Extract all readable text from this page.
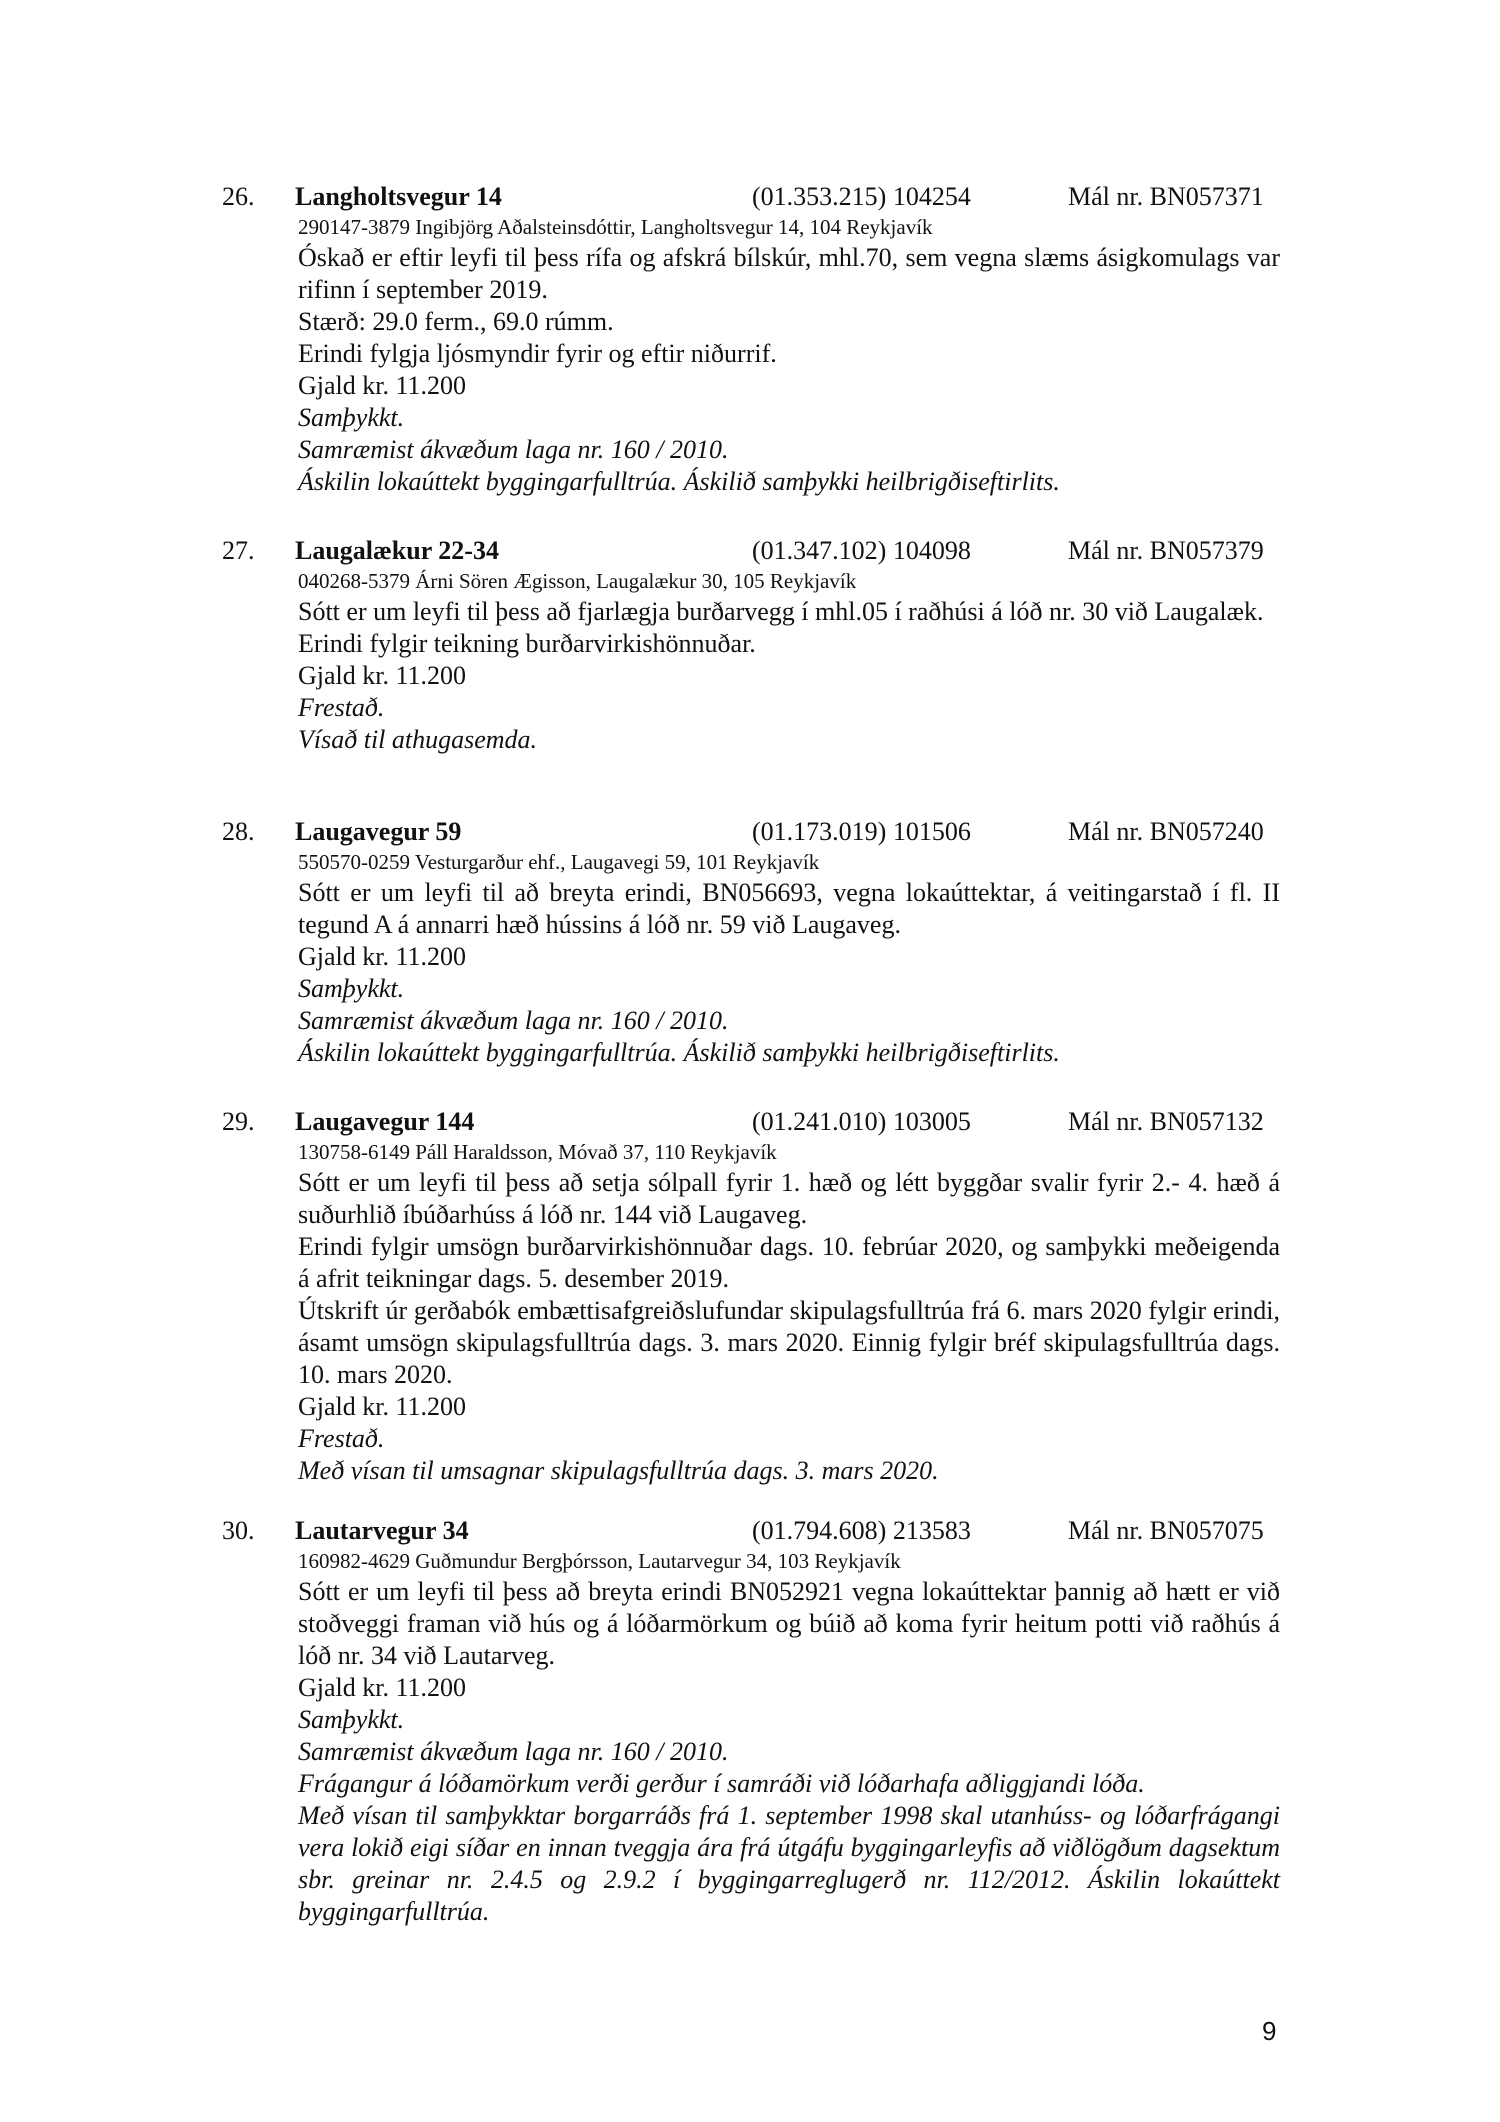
26. Langholtsvegur 14	(01.353.215) 104254	Mál nr. BN057371
290147-3879 Ingibjörg Aðalsteinsdóttir, Langholtsvegur 14, 104 Reykjavík
Óskað er eftir leyfi til þess rífa og afskrá bílskúr, mhl.70, sem vegna slæms ásigkomulags var rifinn í september 2019.
Stærð: 29.0 ferm., 69.0 rúmm.
Erindi fylgja ljósmyndir fyrir og eftir niðurrif.
Gjald kr. 11.200
Samþykkt.
Samræmist ákvæðum laga nr. 160 / 2010.
Áskilin lokaúttekt byggingarfulltrúa. Áskilið samþykki heilbrigðiseftirlits.
27. Laugalækur 22-34	(01.347.102) 104098	Mál nr. BN057379
040268-5379 Árni Sören Ægisson, Laugalækur 30, 105 Reykjavík
Sótt er um leyfi til þess að fjarlægja burðarvegg í mhl.05 í raðhúsi á lóð nr. 30 við Laugalæk.
Erindi fylgir teikning burðarvirkishönnuðar.
Gjald kr. 11.200
Frestað.
Vísað til athugasemda.
28. Laugavegur 59	(01.173.019) 101506	Mál nr. BN057240
550570-0259 Vesturgarður ehf., Laugavegi 59, 101 Reykjavík
Sótt er um leyfi til að breyta erindi, BN056693, vegna lokaúttektar, á veitingarstað í fl. II tegund A á annarri hæð hússins á lóð nr. 59 við Laugaveg.
Gjald kr. 11.200
Samþykkt.
Samræmist ákvæðum laga nr. 160 / 2010.
Áskilin lokaúttekt byggingarfulltrúa. Áskilið samþykki heilbrigðiseftirlits.
29. Laugavegur 144	(01.241.010) 103005	Mál nr. BN057132
130758-6149 Páll Haraldsson, Móvað 37, 110 Reykjavík
Sótt er um leyfi til þess að setja sólpall fyrir 1. hæð og létt byggðar svalir fyrir 2.- 4. hæð á suðurhlið íbúðarhúss á lóð nr. 144 við Laugaveg.
Erindi fylgir umsögn burðarvirkishönnuðar dags. 10. febrúar 2020, og samþykki meðeigenda á afrit teikningar dags. 5. desember 2019.
Útskrift úr gerðabók embættisafgreiðslufundar skipulagsfulltrúa frá 6. mars 2020 fylgir erindi, ásamt umsögn skipulagsfulltrúa dags. 3. mars 2020. Einnig fylgir bréf skipulagsfulltrúa dags. 10. mars 2020.
Gjald kr. 11.200
Frestað.
Með vísan til umsagnar skipulagsfulltrúa dags. 3. mars 2020.
30. Lautarvegur 34	(01.794.608) 213583	Mál nr. BN057075
160982-4629 Guðmundur Bergþórsson, Lautarvegur 34, 103 Reykjavík
Sótt er um leyfi til þess að breyta erindi BN052921 vegna lokaúttektar þannig að hætt er við stoðveggi framan við hús og á lóðarmörkum og búið að koma fyrir heitum potti við raðhús á lóð nr. 34 við Lautarveg.
Gjald kr. 11.200
Samþykkt.
Samræmist ákvæðum laga nr. 160 / 2010.
Frágangur á lóðamörkum verði gerður í samráði við lóðarhafa aðliggjandi lóða.
Með vísan til samþykktar borgarráðs frá 1. september 1998 skal utanhúss- og lóðarfrágangi vera lokið eigi síðar en innan tveggja ára frá útgáfu byggingarleyfis að viðlögðum dagsektum sbr. greinar nr. 2.4.5 og 2.9.2 í byggingarreglugerð nr. 112/2012. Áskilin lokaúttekt byggingarfulltrúa.
9
